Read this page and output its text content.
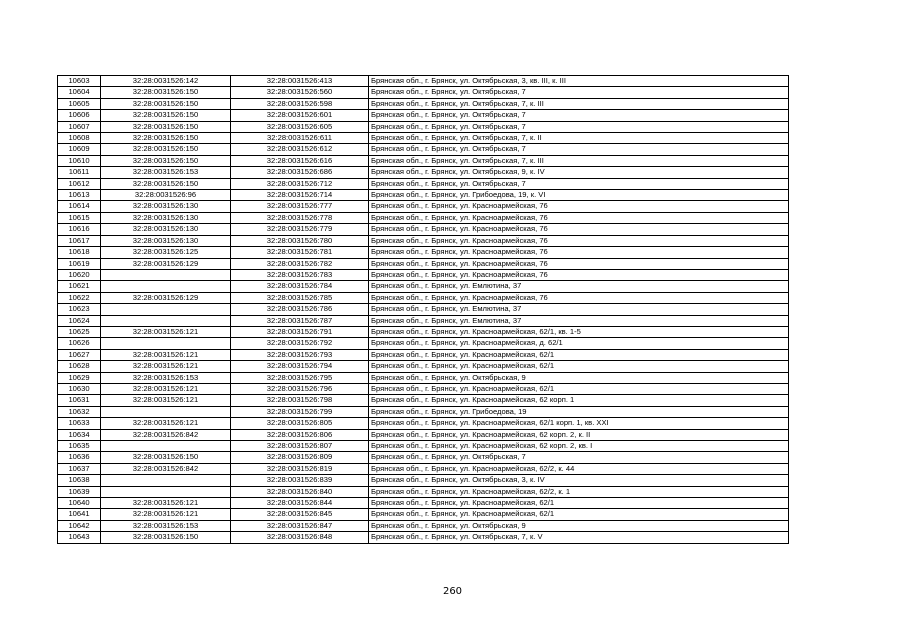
10603	32:28:0031526:142	32:28:0031526:413	Брянская обл., г. Брянск, ул. Октябрьская, 3, кв. III, к. III
10604	32:28:0031526:150	32:28:0031526:560	Брянская обл., г. Брянск, ул. Октябрьская, 7
10605	32:28:0031526:150	32:28:0031526:598	Брянская обл., г. Брянск, ул. Октябрьская, 7, к. III
10606	32:28:0031526:150	32:28:0031526:601	Брянская обл., г. Брянск, ул. Октябрьская, 7
10607	32:28:0031526:150	32:28:0031526:605	Брянская обл., г. Брянск, ул. Октябрьская, 7
10608	32:28:0031526:150	32:28:0031526:611	Брянская обл., г. Брянск, ул. Октябрьская, 7, к. II
10609	32:28:0031526:150	32:28:0031526:612	Брянская обл., г. Брянск, ул. Октябрьская, 7
10610	32:28:0031526:150	32:28:0031526:616	Брянская обл., г. Брянск, ул. Октябрьская, 7, к. III
10611	32:28:0031526:153	32:28:0031526:686	Брянская обл., г. Брянск, ул. Октябрьская, 9, к. IV
10612	32:28:0031526:150	32:28:0031526:712	Брянская обл., г. Брянск, ул. Октябрьская, 7
10613	32:28:0031526:96	32:28:0031526:714	Брянская обл., г. Брянск, ул. Грибоедова, 19, к. VI
10614	32:28:0031526:130	32:28:0031526:777	Брянская обл., г. Брянск, ул. Красноармейская, 76
10615	32:28:0031526:130	32:28:0031526:778	Брянская обл., г. Брянск, ул. Красноармейская, 76
10616	32:28:0031526:130	32:28:0031526:779	Брянская обл., г. Брянск, ул. Красноармейская, 76
10617	32:28:0031526:130	32:28:0031526:780	Брянская обл., г. Брянск, ул. Красноармейская, 76
10618	32:28:0031526:125	32:28:0031526:781	Брянская обл., г. Брянск, ул. Красноармейская, 76
10619	32:28:0031526:129	32:28:0031526:782	Брянская обл., г. Брянск, ул. Красноармейская, 76
10620		32:28:0031526:783	Брянская обл., г. Брянск, ул. Красноармейская, 76
10621		32:28:0031526:784	Брянская обл., г. Брянск, ул. Емлютина, 37
10622	32:28:0031526:129	32:28:0031526:785	Брянская обл., г. Брянск, ул. Красноармейская, 76
10623		32:28:0031526:786	Брянская обл., г. Брянск, ул. Емлютина, 37
10624		32:28:0031526:787	Брянская обл., г. Брянск, ул. Емлютина, 37
10625	32:28:0031526:121	32:28:0031526:791	Брянская обл., г. Брянск, ул. Красноармейская, 62/1, кв. 1-5
10626		32:28:0031526:792	Брянская обл., г. Брянск, ул. Красноармейская, д. 62/1
10627	32:28:0031526:121	32:28:0031526:793	Брянская обл., г. Брянск, ул. Красноармейская, 62/1
10628	32:28:0031526:121	32:28:0031526:794	Брянская обл., г. Брянск, ул. Красноармейская, 62/1
10629	32:28:0031526:153	32:28:0031526:795	Брянская обл., г. Брянск, ул. Октябрьская, 9
10630	32:28:0031526:121	32:28:0031526:796	Брянская обл., г. Брянск, ул. Красноармейская, 62/1
10631	32:28:0031526:121	32:28:0031526:798	Брянская обл., г. Брянск, ул. Красноармейская, 62 корп. 1
10632		32:28:0031526:799	Брянская обл., г. Брянск, ул. Грибоедова, 19
10633	32:28:0031526:121	32:28:0031526:805	Брянская обл., г. Брянск, ул. Красноармейская, 62/1 корп. 1, кв. XXI
10634	32:28:0031526:842	32:28:0031526:806	Брянская обл., г. Брянск, ул. Красноармейская, 62 корп. 2, к. II
10635		32:28:0031526:807	Брянская обл., г. Брянск, ул. Красноармейская, 62 корп. 2, кв. I
10636	32:28:0031526:150	32:28:0031526:809	Брянская обл., г. Брянск, ул. Октябрьская, 7
10637	32:28:0031526:842	32:28:0031526:819	Брянская обл., г. Брянск, ул. Красноармейская, 62/2, к. 44
10638		32:28:0031526:839	Брянская обл., г. Брянск, ул. Октябрьская, 3, к. IV
10639		32:28:0031526:840	Брянская обл., г. Брянск, ул. Красноармейская, 62/2, к. 1
10640	32:28:0031526:121	32:28:0031526:844	Брянская обл., г. Брянск, ул. Красноармейская, 62/1
10641	32:28:0031526:121	32:28:0031526:845	Брянская обл., г. Брянск, ул. Красноармейская, 62/1
10642	32:28:0031526:153	32:28:0031526:847	Брянская обл., г. Брянск, ул. Октябрьская, 9
10643	32:28:0031526:150	32:28:0031526:848	Брянская обл., г. Брянск, ул. Октябрьская, 7, к. V
260
